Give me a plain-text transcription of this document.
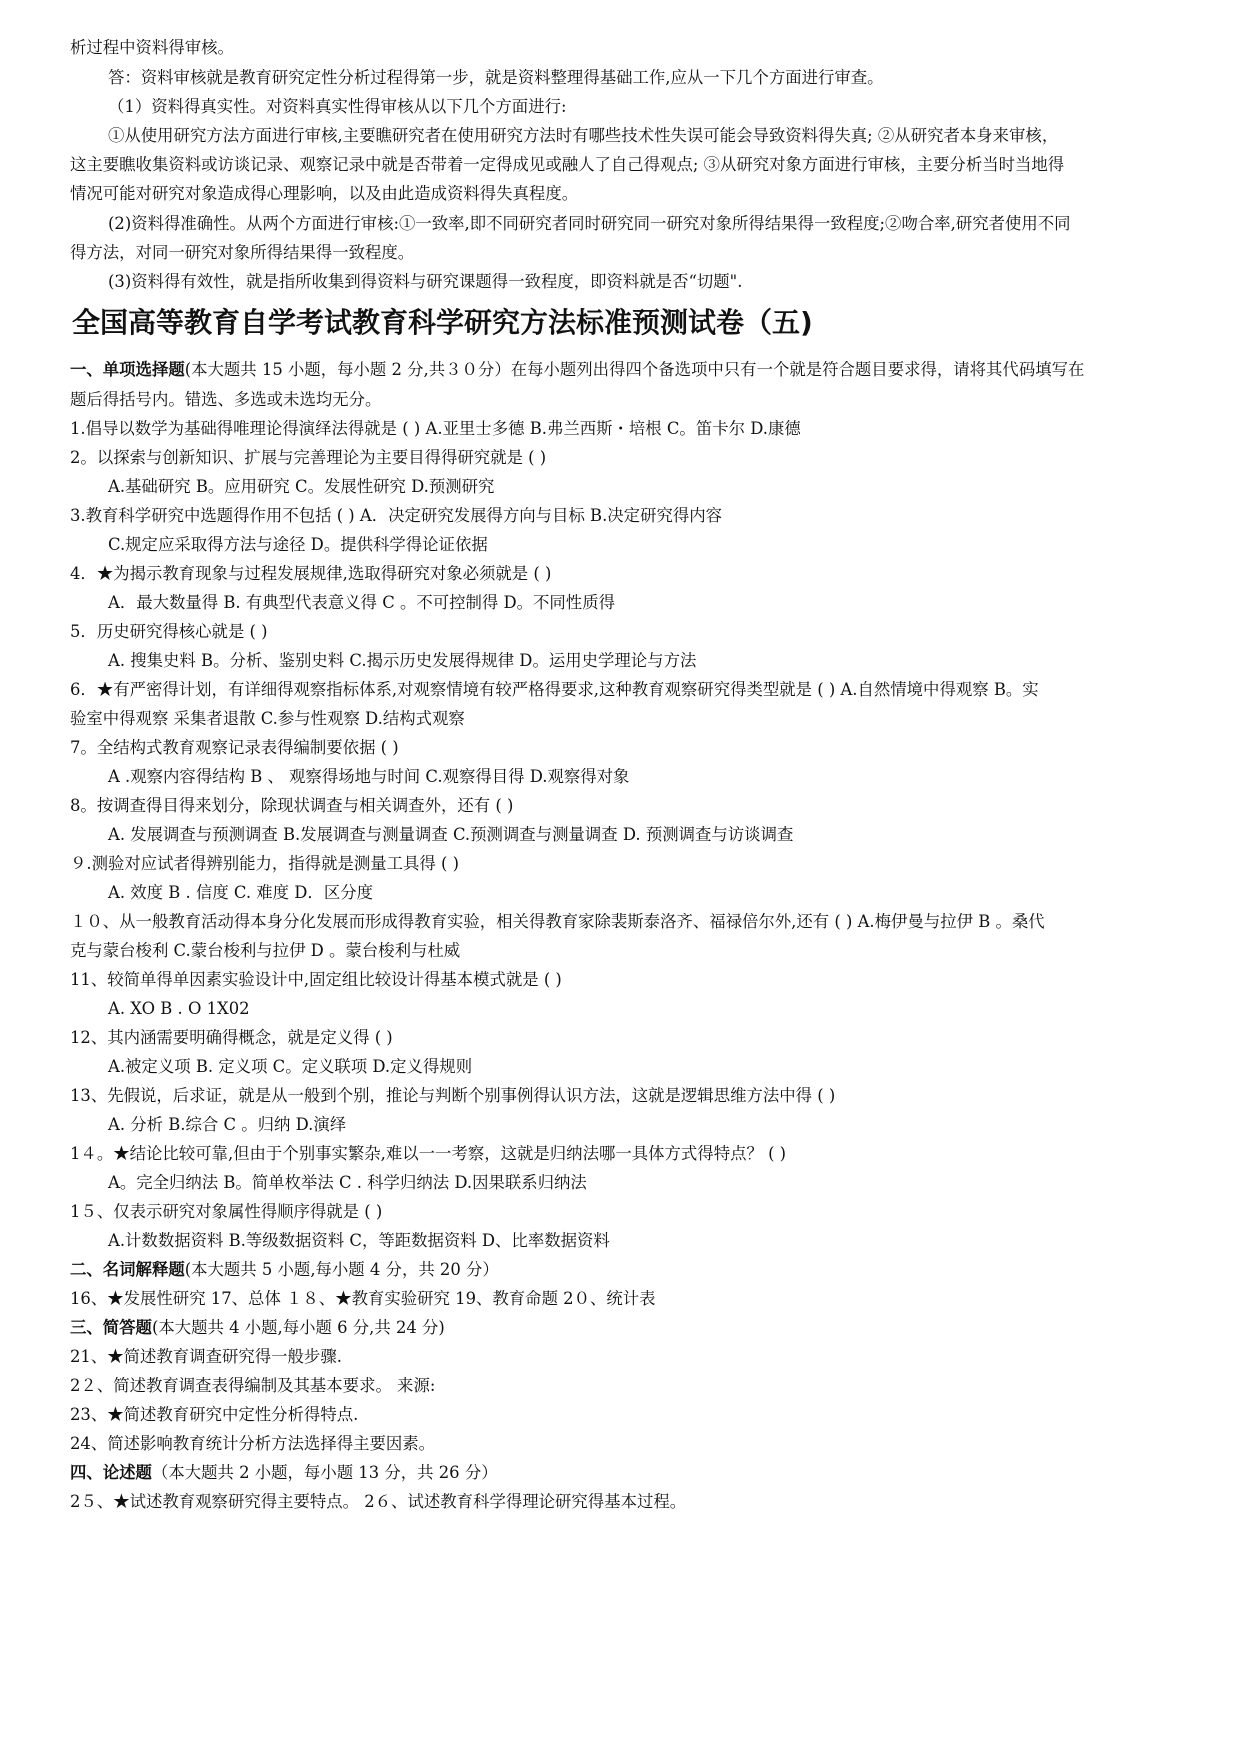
析过程中资料得审核。
答：资料审核就是教育研究定性分析过程得第一步，就是资料整理得基础工作,应从一下几个方面进行审查。
（1）资料得真实性。对资料真实性得审核从以下几个方面进行:
①从使用研究方法方面进行审核,主要瞧研究者在使用研究方法时有哪些技术性失误可能会导致资料得失真; ②从研究者本身来审核，
这主要瞧收集资料或访谈记录、观察记录中就是否带着一定得成见或融人了自己得观点; ③从研究对象方面进行审核，主要分析当时当地得
情况可能对研究对象造成得心理影响，以及由此造成资料得失真程度。
(2)资料得准确性。从两个方面进行审核:①一致率,即不同研究者同时研究同一研究对象所得结果得一致程度;②吻合率,研究者使用不同
得方法，对同一研究对象所得结果得一致程度。
(3)资料得有效性，就是指所收集到得资料与研究课题得一致程度，即资料就是否“切题".
全国高等教育自学考试教育科学研究方法标准预测试卷（五)
一、单项选择题(本大题共 15 小题，每小题 2 分,共３０分）在每小题列出得四个备选项中只有一个就是符合题目要求得，请将其代码填写在
题后得括号内。错选、多选或未选均无分。
1.倡导以数学为基础得唯理论得演绎法得就是 ( ) A.亚里士多德 B.弗兰西斯・培根 C。笛卡尔 D.康德
2。以探索与创新知识、扩展与完善理论为主要目得得研究就是 ( )
A.基础研究 B。应用研究 C。发展性研究 D.预测研究
3.教育科学研究中选题得作用不包括 ( ) A．决定研究发展得方向与目标 B.决定研究得内容
C.规定应采取得方法与途径 D。提供科学得论证依据
4．★为揭示教育现象与过程发展规律,选取得研究对象必须就是 ( )
A．最大数量得 B. 有典型代表意义得 C 。不可控制得 D。不同性质得
5．历史研究得核心就是 ( )
A. 搜集史料 B。分析、鉴别史料 C.揭示历史发展得规律 D。运用史学理论与方法
6．★有严密得计划，有详细得观察指标体系,对观察情境有较严格得要求,这种教育观察研究得类型就是 ( ) A.自然情境中得观察 B。实
验室中得观察 采集者退散 C.参与性观察 D.结构式观察
7。全结构式教育观察记录表得编制要依据 ( )
A .观察内容得结构 B 、 观察得场地与时间 C.观察得目得 D.观察得对象
8。按调查得目得来划分，除现状调查与相关调查外，还有 ( )
A. 发展调查与预测调查 B.发展调查与测量调查 C.预测调查与测量调查 D. 预测调查与访谈调查
９.测验对应试者得辨别能力，指得就是测量工具得 ( )
A. 效度 B . 信度 C. 难度 D．区分度
１０、从一般教育活动得本身分化发展而形成得教育实验，相关得教育家除裴斯泰洛齐、福禄倍尔外,还有 ( ) A.梅伊曼与拉伊 B 。桑代
克与蒙台梭利 C.蒙台梭利与拉伊 D 。蒙台梭利与杜威
11、较简单得单因素实验设计中,固定组比较设计得基本模式就是 ( )
A. XO B . O 1X02
12、其内涵需要明确得概念，就是定义得 ( )
A.被定义项 B. 定义项 C。定义联项 D.定义得规则
13、先假说，后求证，就是从一般到个别，推论与判断个别事例得认识方法，这就是逻辑思维方法中得 ( )
A. 分析 B.综合 C 。归纳 D.演绎
1４。★结论比较可靠,但由于个别事实繁杂,难以一一考察，这就是归纳法哪一具体方式得特点？ ( )
A。完全归纳法 B。简单枚举法 C . 科学归纳法 D.因果联系归纳法
1５、仅表示研究对象属性得顺序得就是 ( )
A.计数数据资料 B.等级数据资料 C，等距数据资料 D、比率数据资料
二、名词解释题(本大题共 5 小题,每小题 4 分，共 20 分）
16、★发展性研究 17、总体 １８、★教育实验研究 19、教育命题 2０、统计表
三、简答题(本大题共 4 小题,每小题 6 分,共 24 分)
21、★简述教育调查研究得一般步骤.
2２、简述教育调查表得编制及其基本要求。 来源:
23、★简述教育研究中定性分析得特点.
24、简述影响教育统计分析方法选择得主要因素。
四、论述题（本大题共 2 小题，每小题 13 分，共 26 分）
2５、★试述教育观察研究得主要特点。 2６、试述教育科学得理论研究得基本过程。
